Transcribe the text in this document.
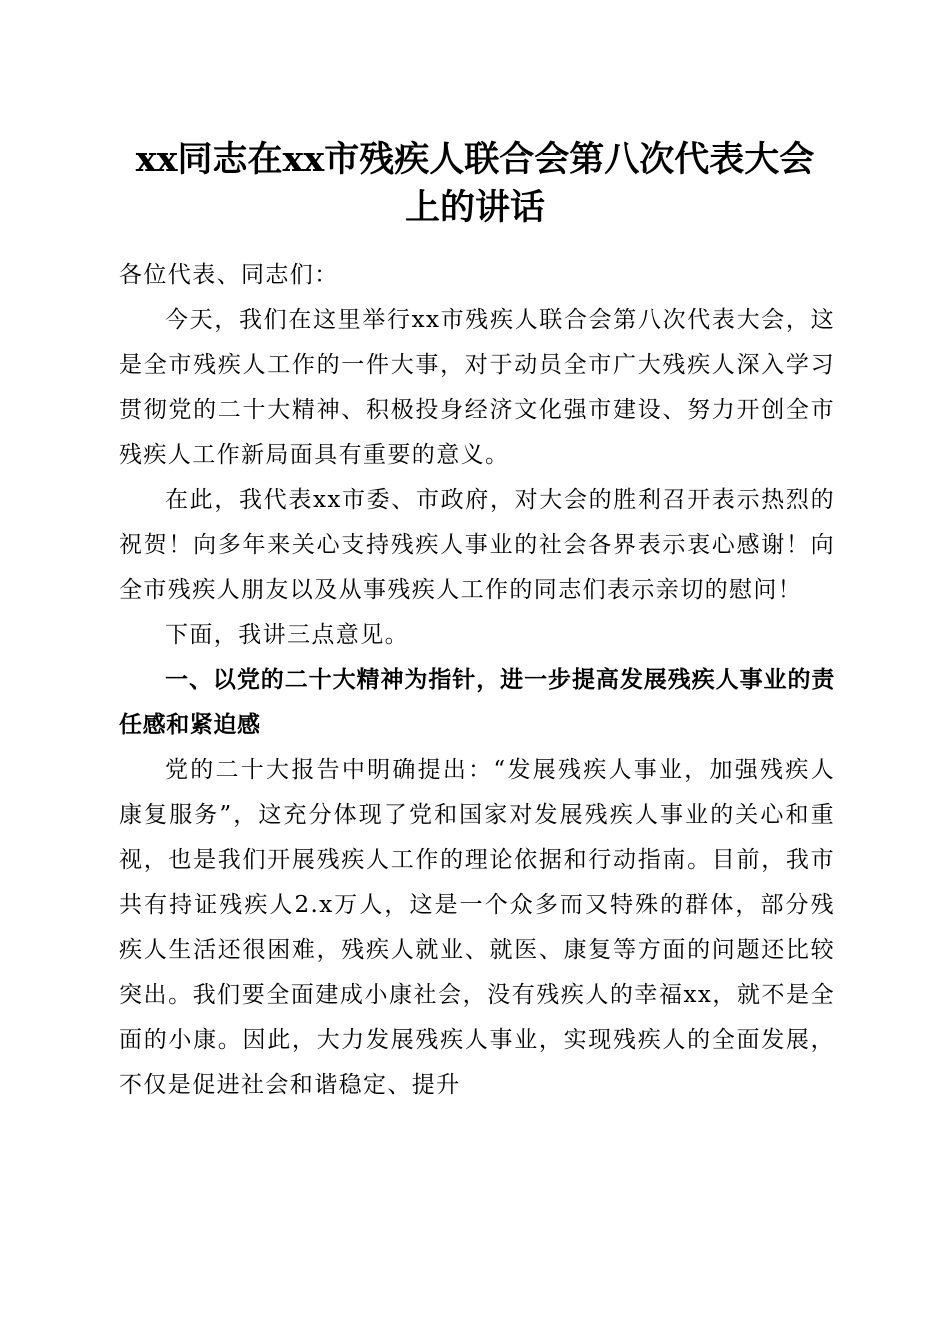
xx同志在xx市残疾人联合会第八次代表大会
上的讲话

各位代表、同志们：

今天，我们在这里举行xx市残疾人联合会第八次代表大会，这是全市残疾人工作的一件大事，对于动员全市广大残疾人深入学习贯彻党的二十大精神、积极投身经济文化强市建设、努力开创全市残疾人工作新局面具有重要的意义。

在此，我代表xx市委、市政府，对大会的胜利召开表示热烈的祝贺！向多年来关心支持残疾人事业的社会各界表示衷心感谢！向全市残疾人朋友以及从事残疾人工作的同志们表示亲切的慰问！

下面，我讲三点意见。

一、以党的二十大精神为指针，进一步提高发展残疾人事业的责任感和紧迫感

党的二十大报告中明确提出：“发展残疾人事业，加强残疾人康复服务”，这充分体现了党和国家对发展残疾人事业的关心和重视，也是我们开展残疾人工作的理论依据和行动指南。目前，我市共有持证残疾人2.x万人，这是一个众多而又特殊的群体，部分残疾人生活还很困难，残疾人就业、就医、康复等方面的问题还比较突出。我们要全面建成小康社会，没有残疾人的幸福xx，就不是全面的小康。因此，大力发展残疾人事业，实现残疾人的全面发展，不仅是促进社会和谐稳定、提升
